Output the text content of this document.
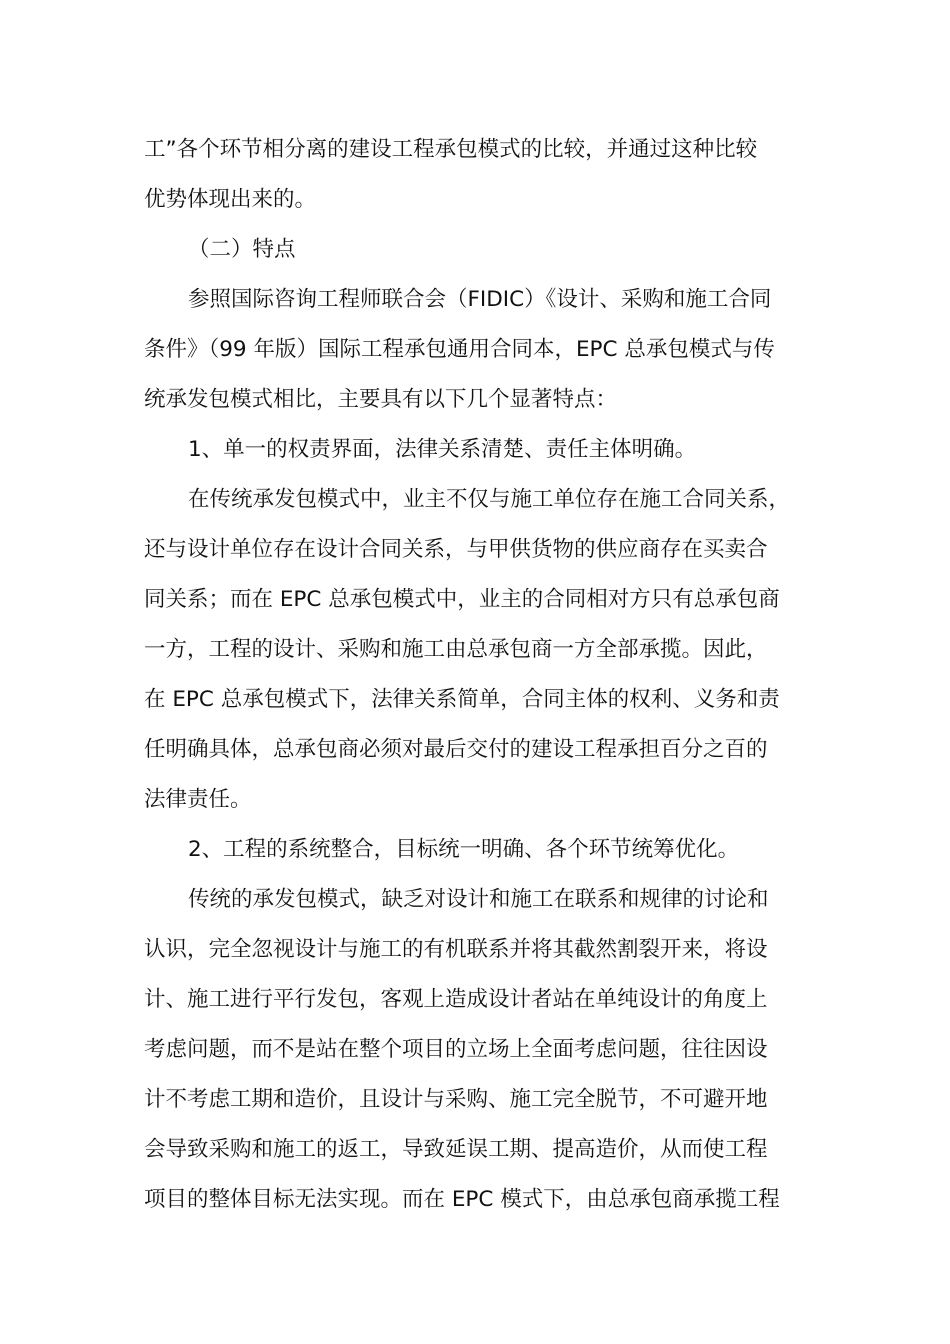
工”各个环节相分离的建设工程承包模式的比较，并通过这种比较
优势体现出来的。
（二）特点
参照国际咨询工程师联合会（FIDIC）《设计、采购和施工合同
条件》（99 年版）国际工程承包通用合同本，EPC 总承包模式与传
统承发包模式相比，主要具有以下几个显著特点：
1、单一的权责界面，法律关系清楚、责任主体明确。
在传统承发包模式中，业主不仅与施工单位存在施工合同关系，
还与设计单位存在设计合同关系，与甲供货物的供应商存在买卖合
同关系；而在 EPC 总承包模式中，业主的合同相对方只有总承包商
一方，工程的设计、采购和施工由总承包商一方全部承揽。因此，
在 EPC 总承包模式下，法律关系简单，合同主体的权利、义务和责
任明确具体，总承包商必须对最后交付的建设工程承担百分之百的
法律责任。
2、工程的系统整合，目标统一明确、各个环节统筹优化。
传统的承发包模式，缺乏对设计和施工在联系和规律的讨论和
认识，完全忽视设计与施工的有机联系并将其截然割裂开来，将设
计、施工进行平行发包，客观上造成设计者站在单纯设计的角度上
考虑问题，而不是站在整个项目的立场上全面考虑问题，往往因设
计不考虑工期和造价，且设计与采购、施工完全脱节，不可避开地
会导致采购和施工的返工，导致延误工期、提高造价，从而使工程
项目的整体目标无法实现。而在 EPC 模式下，由总承包商承揽工程
